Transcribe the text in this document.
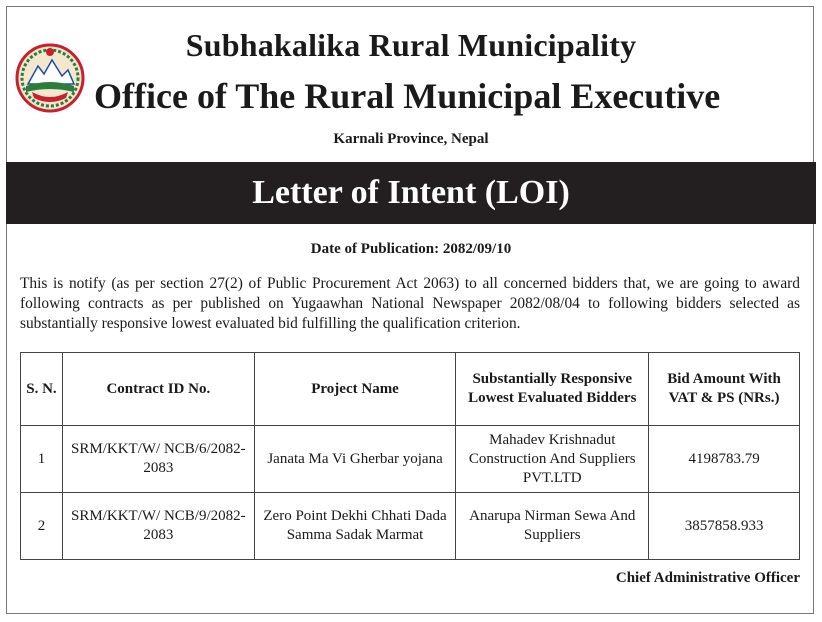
Subhakalika Rural Municipality
Office of The Rural Municipal Executive
Karnali Province, Nepal
Letter of Intent (LOI)
Date of Publication: 2082/09/10
This is notify (as per section 27(2) of Public Procurement Act 2063) to all concerned bidders that, we are going to award following contracts as per published on Yugaawhan National Newspaper 2082/08/04 to following bidders selected as substantially responsive lowest evaluated bid fulfilling the qualification criterion.
S. N.	Contract ID No.	Project Name	Substantially Responsive Lowest Evaluated Bidders	Bid Amount With VAT & PS (NRs.)
1	SRM/KKT/W/ NCB/6/2082-2083	Janata Ma Vi Gherbar yojana	Mahadev Krishnadut Construction And Suppliers PVT.LTD	4198783.79
2	SRM/KKT/W/ NCB/9/2082-2083	Zero Point Dekhi Chhati Dada Samma Sadak Marmat	Anarupa Nirman Sewa And Suppliers	3857858.933
Chief Administrative Officer
